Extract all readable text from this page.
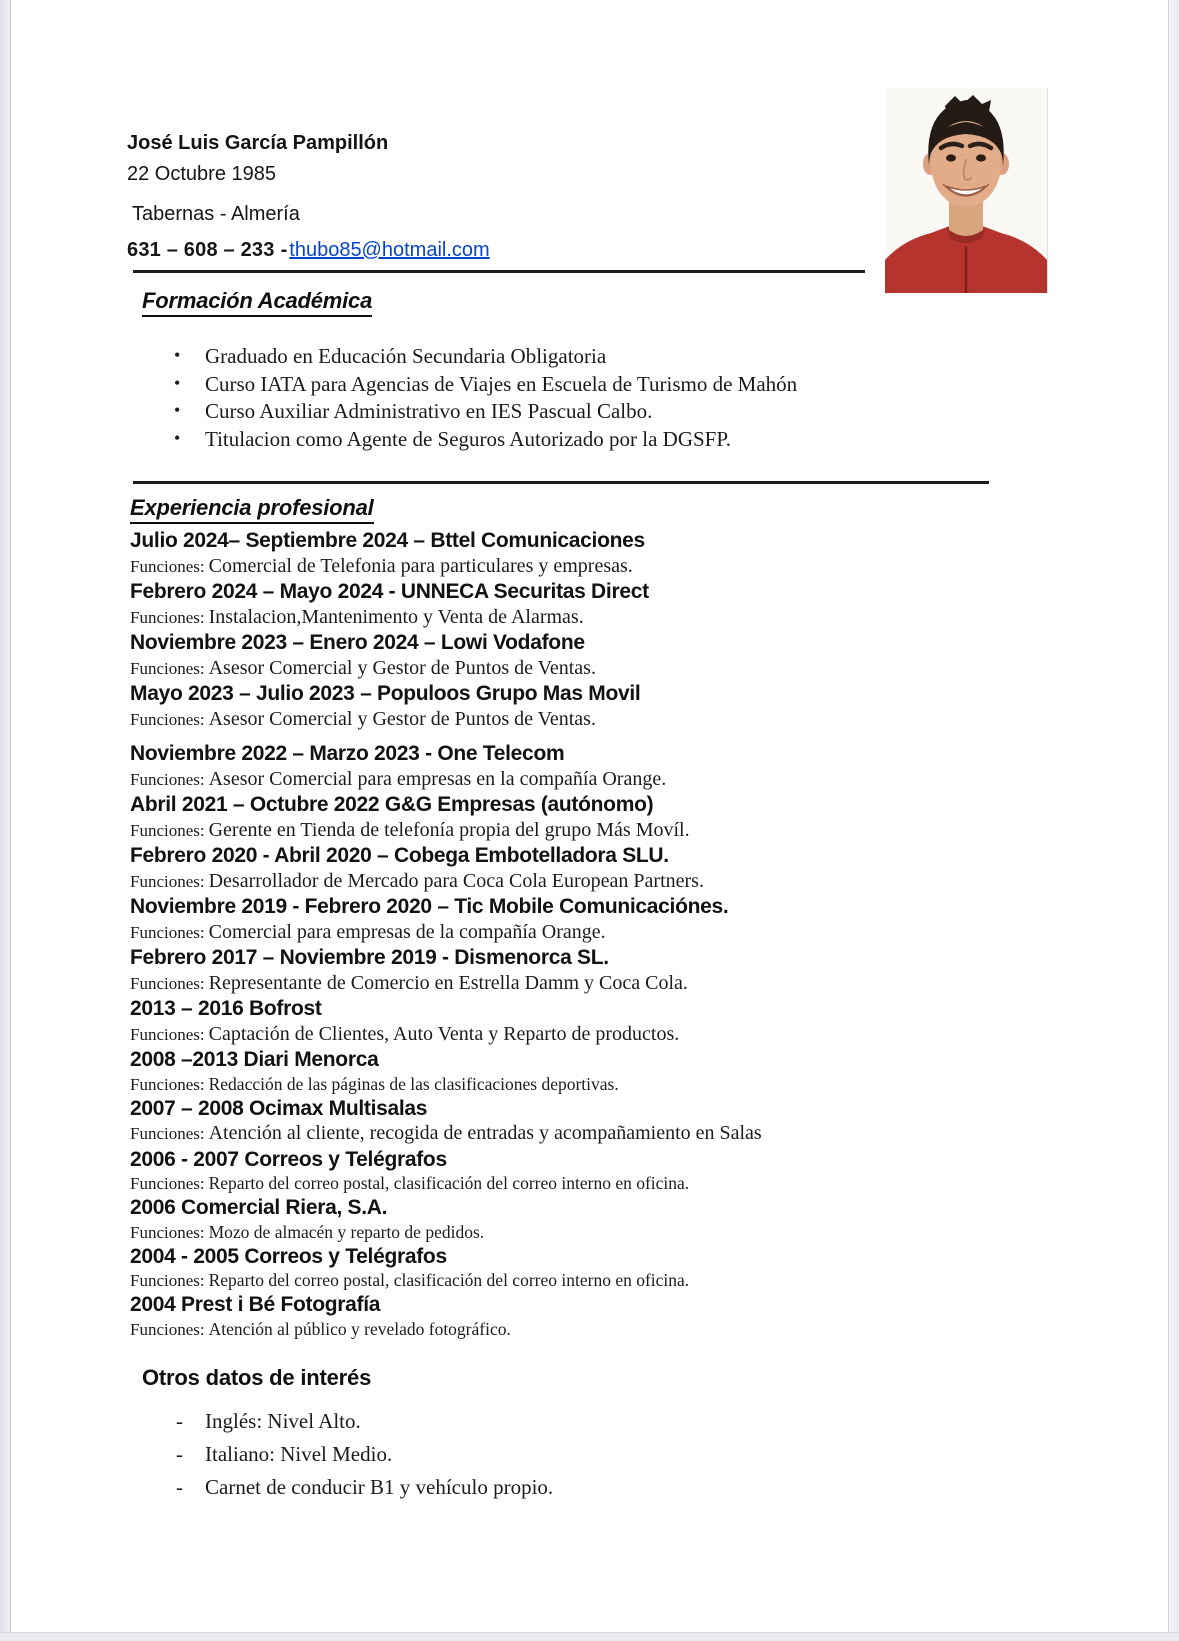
José Luis García Pampillón
22 Octubre 1985
Tabernas - Almería
631 – 608 – 233 - thubo85@hotmail.com
Formación Académica
• Graduado en Educación Secundaria Obligatoria
• Curso IATA para Agencias de Viajes en Escuela de Turismo de Mahón
• Curso Auxiliar Administrativo en IES Pascual Calbo.
• Titulacion como Agente de Seguros Autorizado por la DGSFP.
Experiencia profesional
Julio 2024– Septiembre 2024 – Bttel Comunicaciones
Funciones: Comercial de Telefonia para particulares y empresas.
Febrero 2024 – Mayo 2024 - UNNECA Securitas Direct
Funciones: Instalacion,Mantenimento y Venta de Alarmas.
Noviembre 2023 – Enero 2024 – Lowi Vodafone
Funciones: Asesor Comercial y Gestor de Puntos de Ventas.
Mayo 2023 – Julio 2023 – Populoos Grupo Mas Movil
Funciones: Asesor Comercial y Gestor de Puntos de Ventas.
Noviembre 2022 – Marzo 2023 - One Telecom
Funciones: Asesor Comercial para empresas en la compañía Orange.
Abril 2021 – Octubre 2022 G&G Empresas (autónomo)
Funciones: Gerente en Tienda de telefonía propia del grupo Más Movíl.
Febrero 2020 - Abril 2020 – Cobega Embotelladora SLU.
Funciones: Desarrollador de Mercado para Coca Cola European Partners.
Noviembre 2019 - Febrero 2020 – Tic Mobile Comunicaciónes.
Funciones: Comercial para empresas de la compañía Orange.
Febrero 2017 – Noviembre 2019 - Dismenorca SL.
Funciones: Representante de Comercio en Estrella Damm y Coca Cola.
2013 – 2016 Bofrost
Funciones: Captación de Clientes, Auto Venta y Reparto de productos.
2008 –2013 Diari Menorca
Funciones: Redacción de las páginas de las clasificaciones deportivas.
2007 – 2008 Ocimax Multisalas
Funciones: Atención al cliente, recogida de entradas y acompañamiento en Salas
2006 - 2007 Correos y Telégrafos
Funciones: Reparto del correo postal, clasificación del correo interno en oficina.
2006 Comercial Riera, S.A.
Funciones: Mozo de almacén y reparto de pedidos.
2004 - 2005 Correos y Telégrafos
Funciones: Reparto del correo postal, clasificación del correo interno en oficina.
2004 Prest i Bé Fotografía
Funciones: Atención al público y revelado fotográfico.
Otros datos de interés
- Inglés: Nivel Alto.
- Italiano: Nivel Medio.
- Carnet de conducir B1 y vehículo propio.
